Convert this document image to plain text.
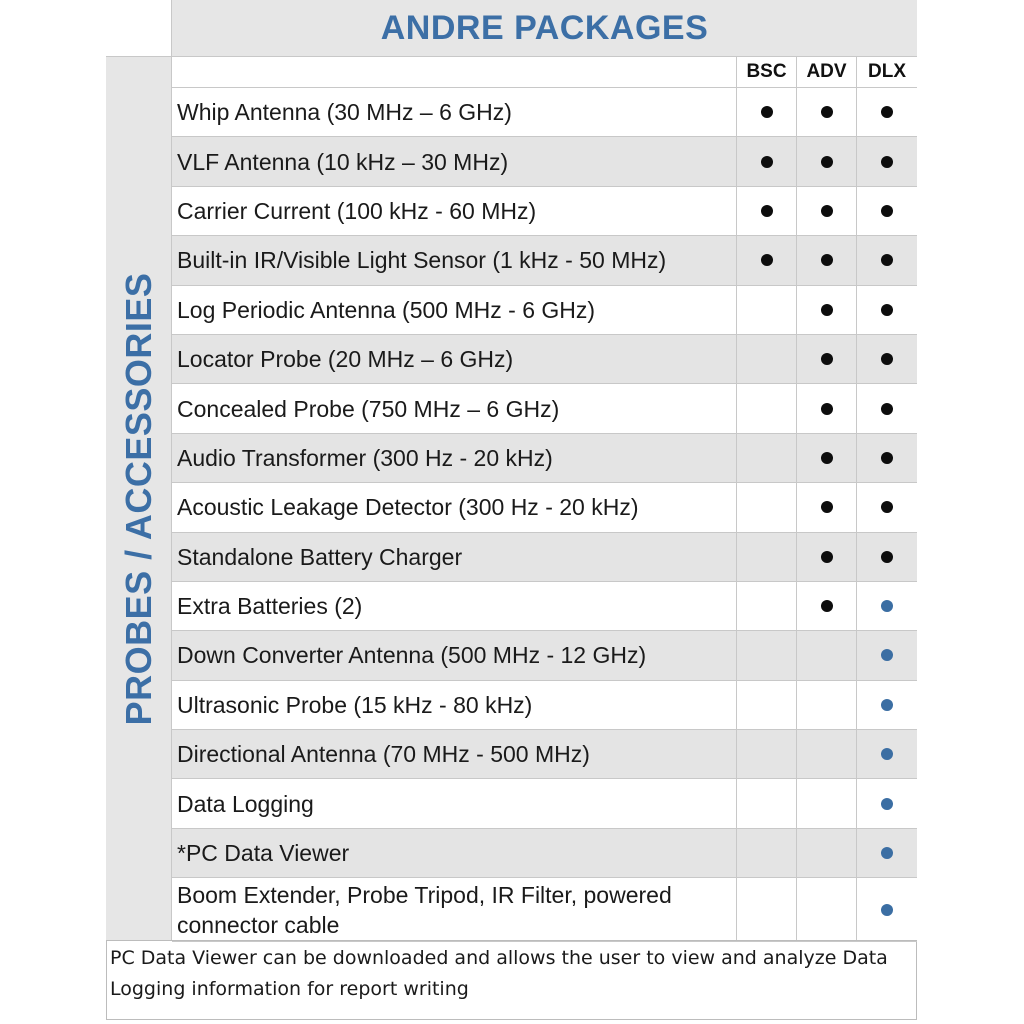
ANDRE PACKAGES
PROBES / ACCESSORIES
BSC	ADV	DLX
Whip Antenna (30 MHz – 6 GHz)
VLF Antenna (10 kHz – 30 MHz)
Carrier Current (100 kHz - 60 MHz)
Built-in IR/Visible Light Sensor (1 kHz - 50 MHz)
Log Periodic Antenna (500 MHz - 6 GHz)
Locator Probe (20 MHz – 6 GHz)
Concealed Probe (750 MHz – 6 GHz)
Audio Transformer (300 Hz - 20 kHz)
Acoustic Leakage Detector (300 Hz - 20 kHz)
Standalone Battery Charger
Extra Batteries (2)
Down Converter Antenna (500 MHz - 12 GHz)
Ultrasonic Probe (15 kHz - 80 kHz)
Directional Antenna (70 MHz - 500 MHz)
Data Logging
*PC Data Viewer
Boom Extender, Probe Tripod, IR Filter, powered connector cable
PC Data Viewer can be downloaded and allows the user to view and analyze Data Logging information for report writing
